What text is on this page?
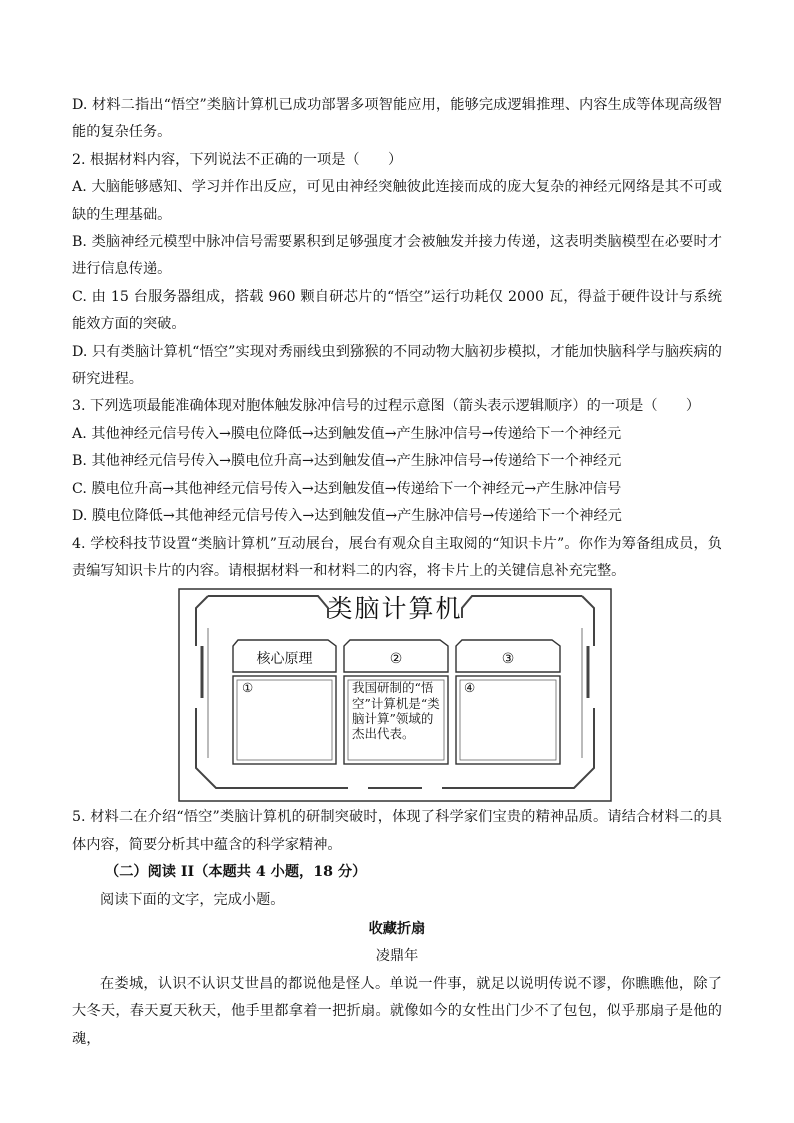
D. 材料二指出“悟空”类脑计算机已成功部署多项智能应用，能够完成逻辑推理、内容生成等体现高级智能的复杂任务。

2. 根据材料内容，下列说法不正确的一项是（　　）

A. 大脑能够感知、学习并作出反应，可见由神经突触彼此连接而成的庞大复杂的神经元网络是其不可或缺的生理基础。

B. 类脑神经元模型中脉冲信号需要累积到足够强度才会被触发并接力传递，这表明类脑模型在必要时才进行信息传递。

C. 由 15 台服务器组成，搭载 960 颗自研芯片的“悟空”运行功耗仅 2000 瓦，得益于硬件设计与系统能效方面的突破。

D. 只有类脑计算机“悟空”实现对秀丽线虫到猕猴的不同动物大脑初步模拟，才能加快脑科学与脑疾病的研究进程。

3. 下列选项最能准确体现对胞体触发脉冲信号的过程示意图（箭头表示逻辑顺序）的一项是（　　）

A. 其他神经元信号传入→膜电位降低→达到触发值→产生脉冲信号→传递给下一个神经元

B. 其他神经元信号传入→膜电位升高→达到触发值→产生脉冲信号→传递给下一个神经元

C. 膜电位升高→其他神经元信号传入→达到触发值→传递给下一个神经元→产生脉冲信号

D. 膜电位降低→其他神经元信号传入→达到触发值→产生脉冲信号→传递给下一个神经元

4. 学校科技节设置“类脑计算机”互动展台，展台有观众自主取阅的“知识卡片”。你作为筹备组成员，负责编写知识卡片的内容。请根据材料一和材料二的内容，将卡片上的关键信息补充完整。

类脑计算机
核心原理	②	③
①	我国研制的“悟空”计算机是“类脑计算”领域的杰出代表。
④

5. 材料二在介绍“悟空”类脑计算机的研制突破时，体现了科学家们宝贵的精神品质。请结合材料二的具体内容，简要分析其中蕴含的科学家精神。

（二）阅读 II（本题共 4 小题，18 分）

阅读下面的文字，完成小题。

收藏折扇

凌鼎年

在娄城，认识不认识艾世昌的都说他是怪人。单说一件事，就足以说明传说不谬，你瞧瞧他，除了大冬天，春天夏天秋天，他手里都拿着一把折扇。就像如今的女性出门少不了包包，似乎那扇子是他的魂，
